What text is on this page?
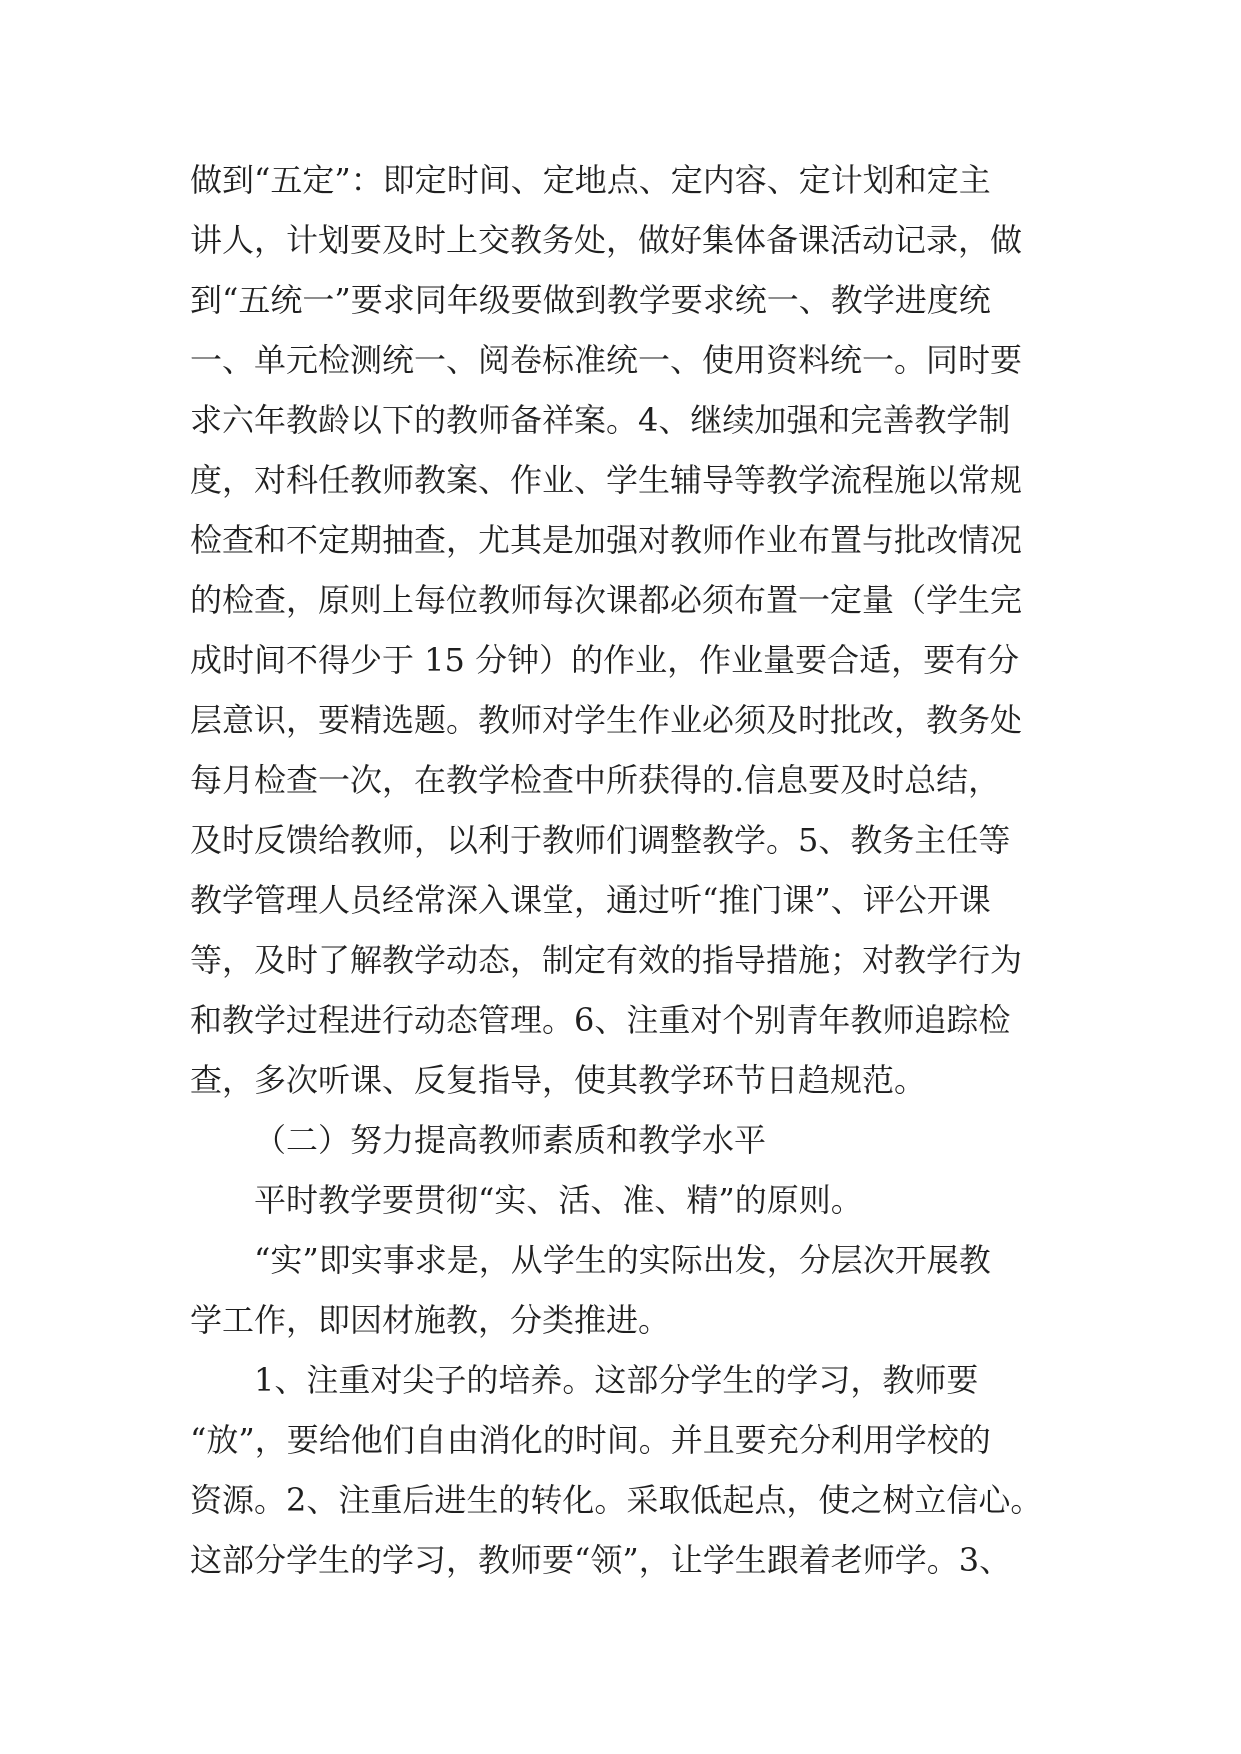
做到“五定”：即定时间、定地点、定内容、定计划和定主
讲人，计划要及时上交教务处，做好集体备课活动记录，做
到“五统一”要求同年级要做到教学要求统一、教学进度统
一、单元检测统一、阅卷标准统一、使用资料统一。同时要
求六年教龄以下的教师备祥案。4、继续加强和完善教学制
度，对科任教师教案、作业、学生辅导等教学流程施以常规
检查和不定期抽查，尤其是加强对教师作业布置与批改情况
的检查，原则上每位教师每次课都必须布置一定量（学生完
成时间不得少于 15 分钟）的作业，作业量要合适，要有分
层意识，要精选题。教师对学生作业必须及时批改，教务处
每月检查一次，在教学检查中所获得的.信息要及时总结，
及时反馈给教师，以利于教师们调整教学。5、教务主任等
教学管理人员经常深入课堂，通过听“推门课”、评公开课
等，及时了解教学动态，制定有效的指导措施；对教学行为
和教学过程进行动态管理。6、注重对个别青年教师追踪检
查，多次听课、反复指导，使其教学环节日趋规范。
（二）努力提高教师素质和教学水平
平时教学要贯彻“实、活、准、精”的原则。
“实”即实事求是，从学生的实际出发，分层次开展教
学工作，即因材施教，分类推进。
1、注重对尖子的培养。这部分学生的学习，教师要
“放”，要给他们自由消化的时间。并且要充分利用学校的
资源。2、注重后进生的转化。采取低起点，使之树立信心。
这部分学生的学习，教师要“领”，让学生跟着老师学。3、
